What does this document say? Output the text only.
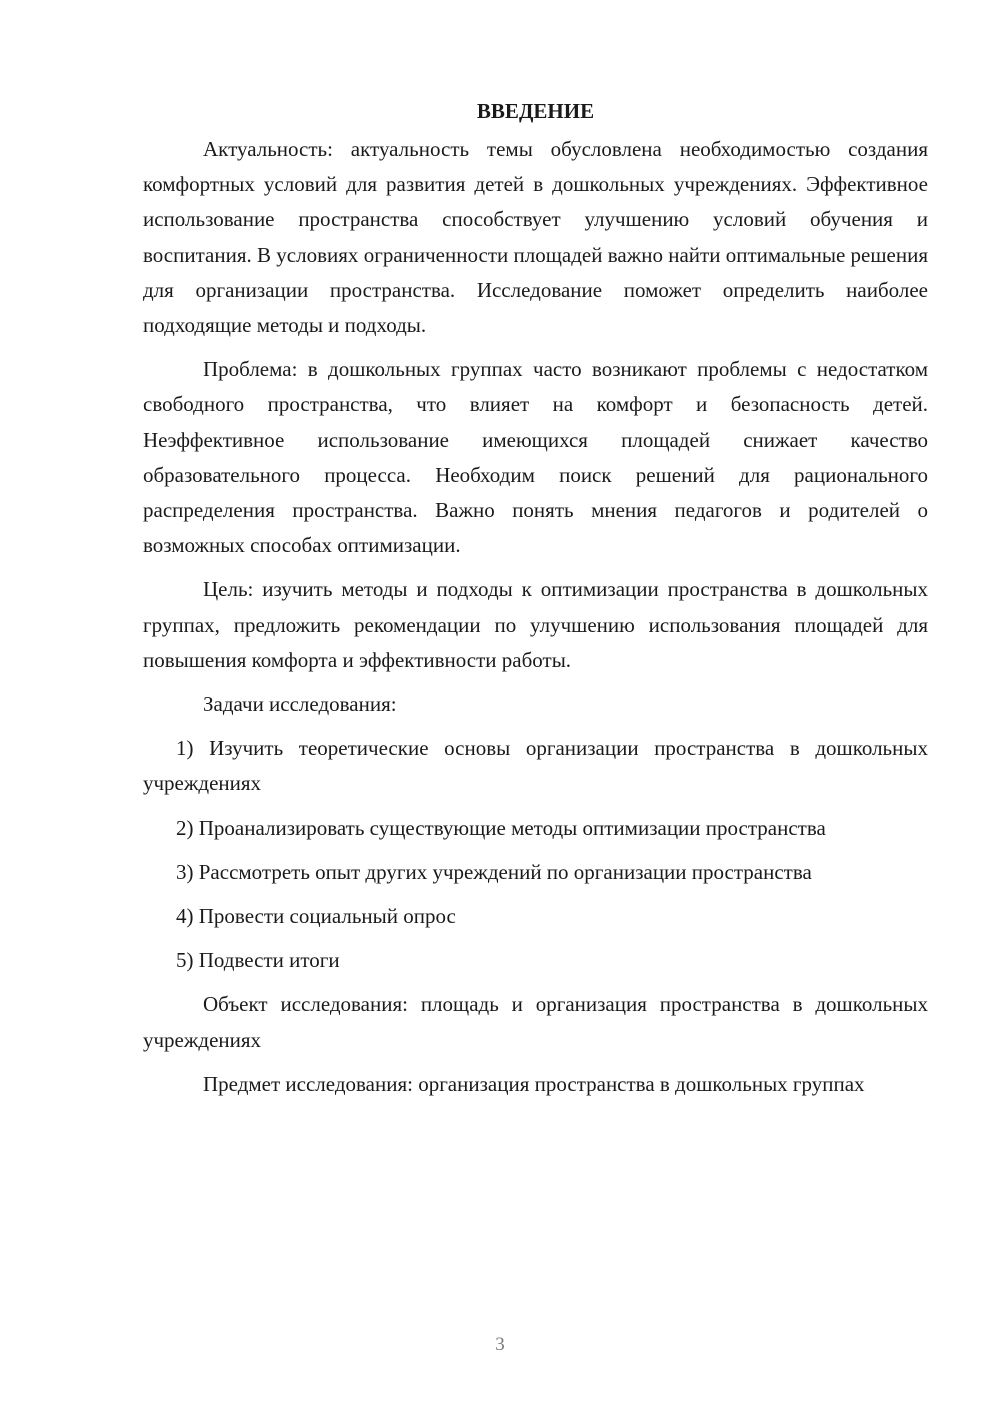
ВВЕДЕНИЕ

Актуальность: актуальность темы обусловлена необходимостью создания комфортных условий для развития детей в дошкольных учреждениях. Эффективное использование пространства способствует улучшению условий обучения и воспитания. В условиях ограниченности площадей важно найти оптимальные решения для организации пространства. Исследование поможет определить наиболее подходящие методы и подходы.

Проблема: в дошкольных группах часто возникают проблемы с недостатком свободного пространства, что влияет на комфорт и безопасность детей. Неэффективное использование имеющихся площадей снижает качество образовательного процесса. Необходим поиск решений для рационального распределения пространства. Важно понять мнения педагогов и родителей о возможных способах оптимизации.

Цель: изучить методы и подходы к оптимизации пространства в дошкольных группах, предложить рекомендации по улучшению использования площадей для повышения комфорта и эффективности работы.

Задачи исследования:

1) Изучить теоретические основы организации пространства в дошкольных учреждениях

2) Проанализировать существующие методы оптимизации пространства

3) Рассмотреть опыт других учреждений по организации пространства

4) Провести социальный опрос

5) Подвести итоги

Объект исследования: площадь и организация пространства в дошкольных учреждениях

Предмет исследования: организация пространства в дошкольных группах

3
